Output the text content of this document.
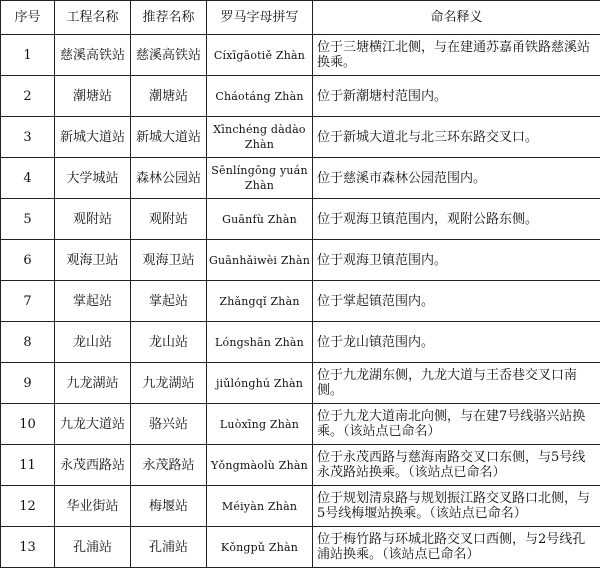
序号	工程名称	推荐名称	罗马字母拼写	命名释义
1	慈溪高铁站	慈溪高铁站	Cíxīgāotiě Zhàn	位于三塘横江北侧，与在建通苏嘉甬铁路慈溪站换乘。
2	潮塘站	潮塘站	Cháotáng Zhàn	位于新潮塘村范围内。
3	新城大道站	新城大道站	Xīnchéng dàdào Zhàn	位于新城大道北与北三环东路交叉口。
4	大学城站	森林公园站	Sēnlíngōng yuán Zhàn	位于慈溪市森林公园范围内。
5	观附站	观附站	Guānfù Zhàn	位于观海卫镇范围内，观附公路东侧。
6	观海卫站	观海卫站	Guānhǎiwèi Zhàn	位于观海卫镇范围内。
7	掌起站	掌起站	Zhǎngqǐ Zhàn	位于掌起镇范围内。
8	龙山站	龙山站	Lóngshān Zhàn	位于龙山镇范围内。
9	九龙湖站	九龙湖站	jiǔlónghú Zhàn	位于九龙湖东侧，九龙大道与王岙巷交叉口南侧。
10	九龙大道站	骆兴站	Luòxīng Zhàn	位于九龙大道南北向侧，与在建7号线骆兴站换乘。（该站点已命名）
11	永茂西路站	永茂路站	Yǒngmàolù Zhàn	位于永茂西路与慈海南路交叉口东侧，与5号线永茂路站换乘。（该站点已命名）
12	华业街站	梅堰站	Méiyàn Zhàn	位于规划清泉路与规划振江路交叉路口北侧，与5号线梅堰站换乘。（该站点已命名）
13	孔浦站	孔浦站	Kǒngpǔ Zhàn	位于梅竹路与环城北路交叉口西侧，与2号线孔浦站换乘。（该站点已命名）
